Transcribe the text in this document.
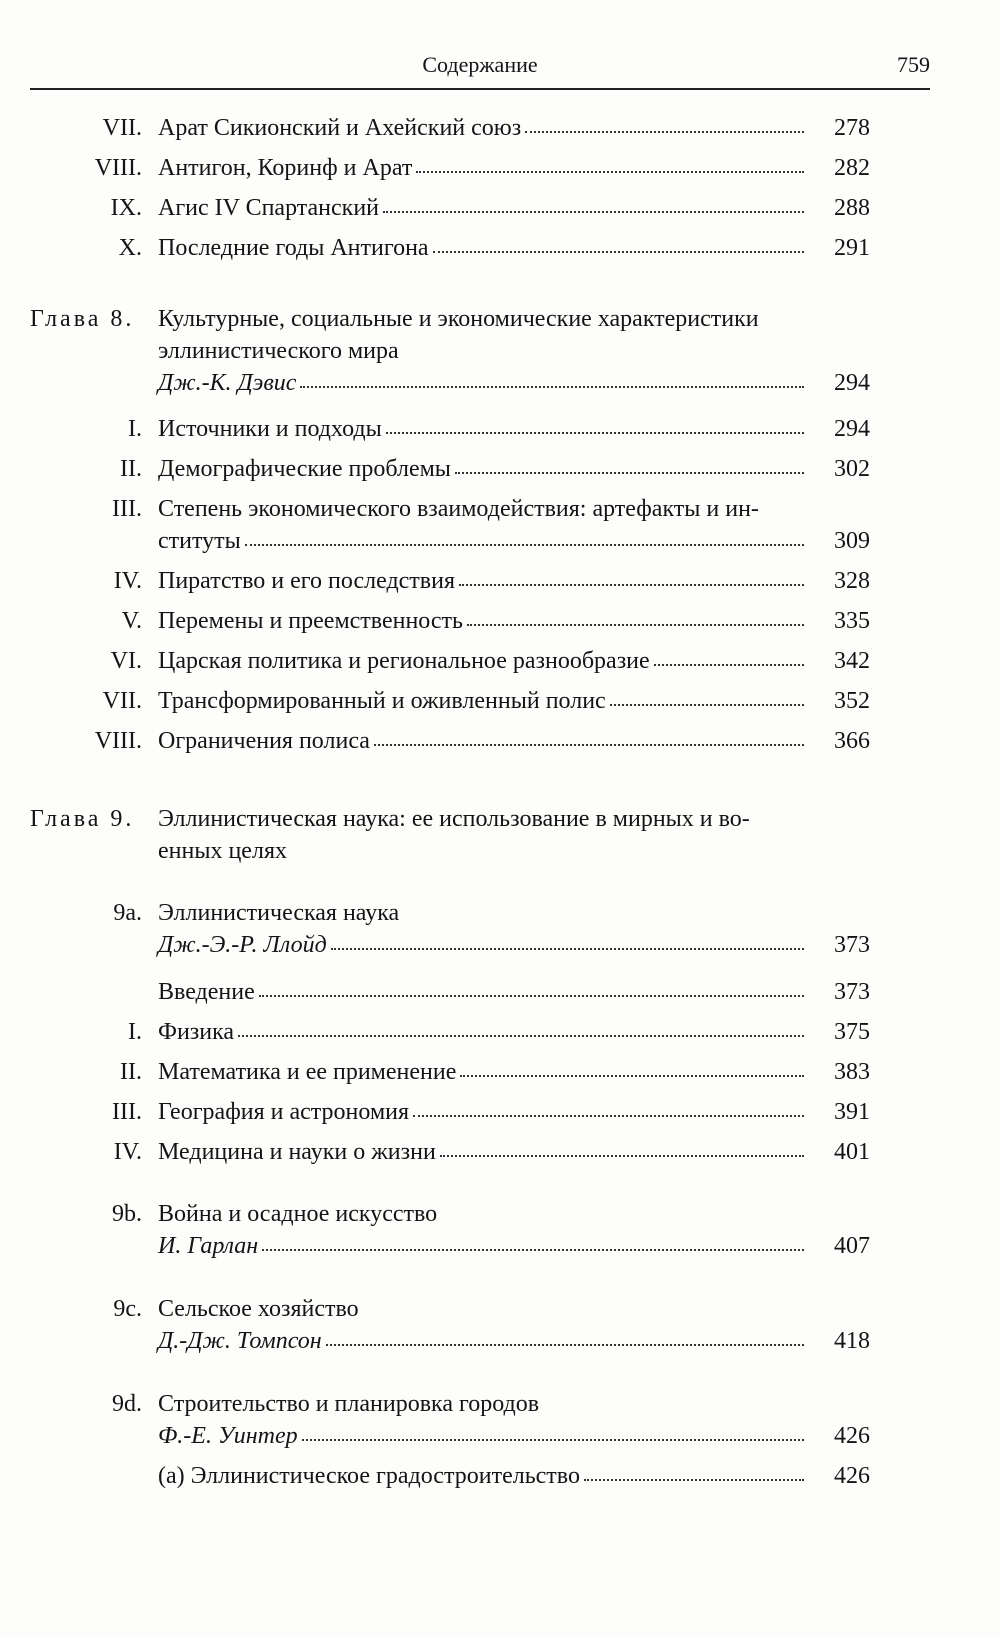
Содержание	759
VII. Арат Сикионский и Ахейский союз	278
VIII. Антигон, Коринф и Арат	282
IX. Агис IV Спартанский	288
X. Последние годы Антигона	291
Глава 8. Культурные, социальные и экономические характеристики
эллинистического мира
Дж.-К. Дэвис	294
I. Источники и подходы	294
II. Демографические проблемы	302
III. Степень экономического взаимодействия: артефакты и ин-
ституты	309
IV. Пиратство и его последствия	328
V. Перемены и преемственность	335
VI. Царская политика и региональное разнообразие	342
VII. Трансформированный и оживленный полис	352
VIII. Ограничения полиса	366
Глава 9. Эллинистическая наука: ее использование в мирных и во-
енных целях
9a. Эллинистическая наука
Дж.-Э.-Р. Ллойд	373
Введение	373
I. Физика	375
II. Математика и ее применение	383
III. География и астрономия	391
IV. Медицина и науки о жизни	401
9b. Война и осадное искусство
И. Гарлан	407
9c. Сельское хозяйство
Д.-Дж. Томпсон	418
9d. Строительство и планировка городов
Ф.-Е. Уинтер	426
(a) Эллинистическое градостроительство	426
